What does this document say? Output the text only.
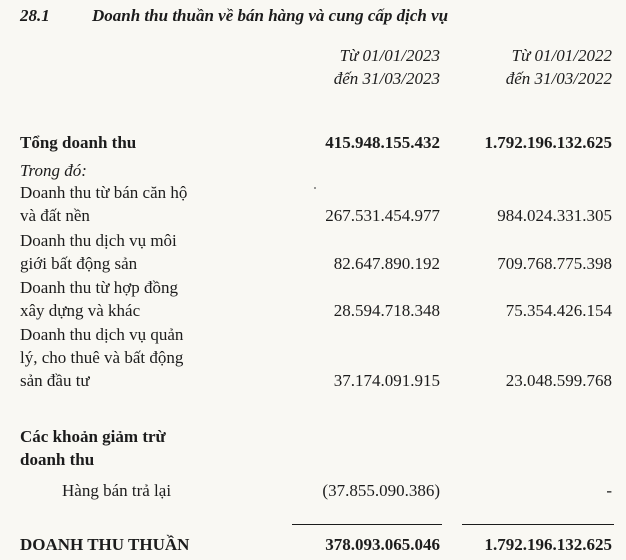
28.1 Doanh thu thuần về bán hàng và cung cấp dịch vụ
Từ 01/01/2023
đến 31/03/2023
Từ 01/01/2022
đến 31/03/2022
Tổng doanh thu	415.948.155.432	1.792.196.132.625
Trong đó:
Doanh thu từ bán căn hộ
và đất nền	267.531.454.977	984.024.331.305
Doanh thu dịch vụ môi
giới bất động sản	82.647.890.192	709.768.775.398
Doanh thu từ hợp đồng
xây dựng và khác	28.594.718.348	75.354.426.154
Doanh thu dịch vụ quản
lý, cho thuê và bất động
sản đầu tư	37.174.091.915	23.048.599.768
Các khoản giảm trừ
doanh thu
Hàng bán trả lại	(37.855.090.386)	-
DOANH THU THUẦN	378.093.065.046	1.792.196.132.625
